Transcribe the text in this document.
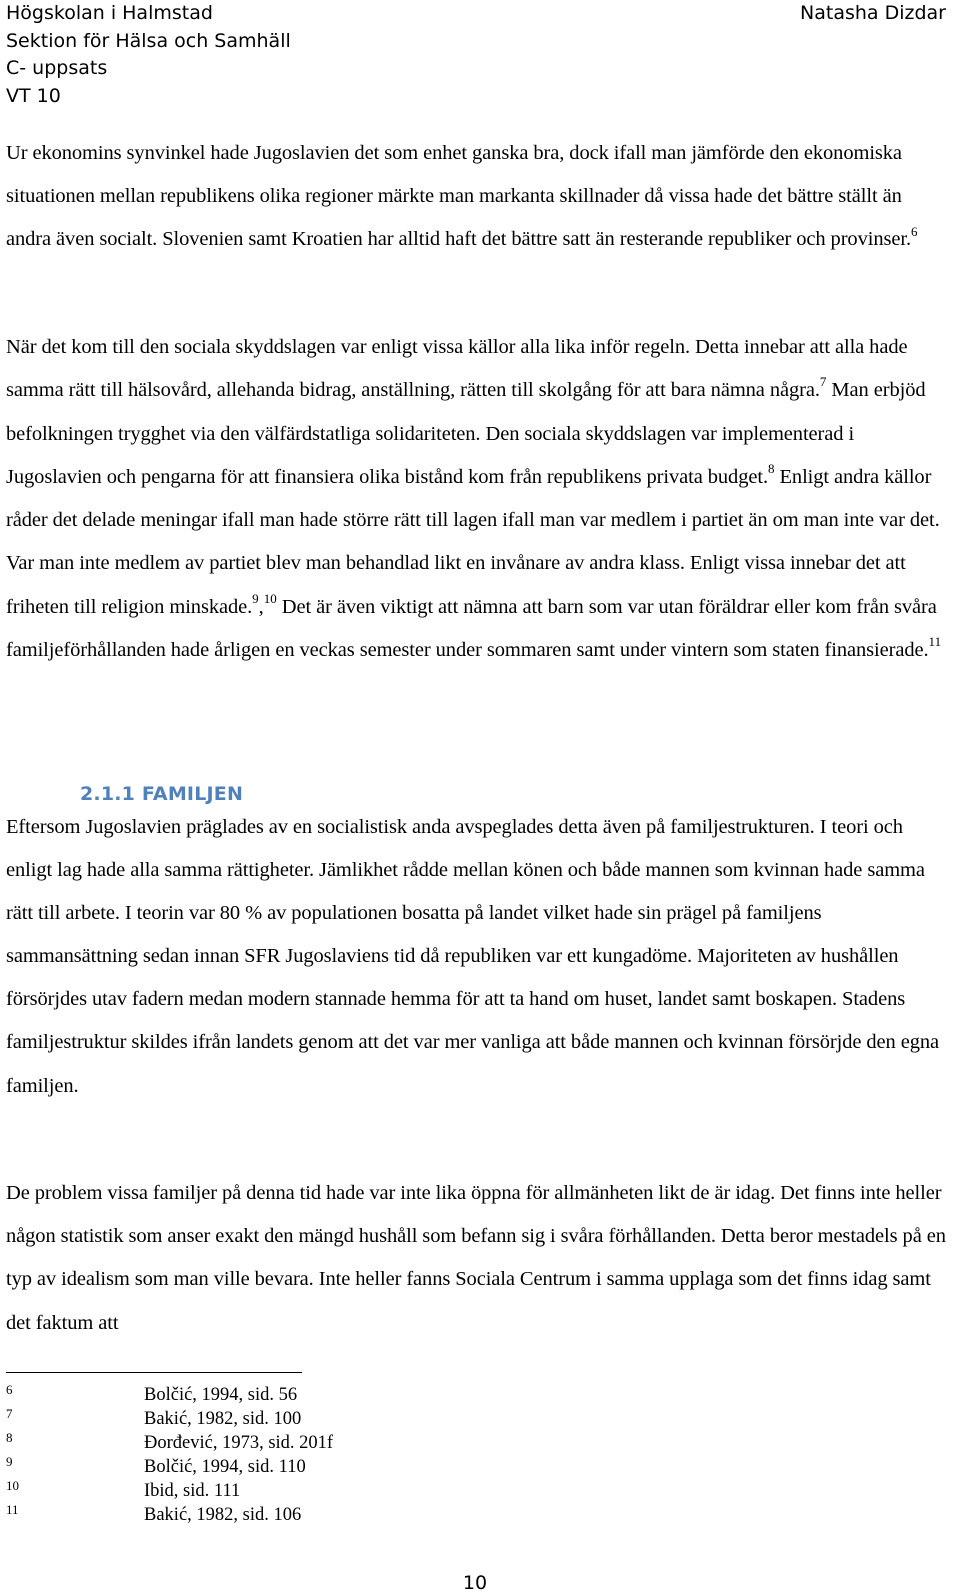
Högskolan i Halmstad
Sektion för Hälsa och Samhäll
C- uppsats
VT 10
Natasha Dizdar

Ur ekonomins synvinkel hade Jugoslavien det som enhet ganska bra, dock ifall man jämförde den ekonomiska situationen mellan republikens olika regioner märkte man markanta skillnader då vissa hade det bättre ställt än andra även socialt. Slovenien samt Kroatien har alltid haft det bättre satt än resterande republiker och provinser.$^6$

När det kom till den sociala skyddslagen var enligt vissa källor alla lika inför regeln. Detta innebar att alla hade samma rätt till hälsovård, allehanda bidrag, anställning, rätten till skolgång för att bara nämna några.$^7$ Man erbjöd befolkningen trygghet via den välfärdstatliga solidariteten. Den sociala skyddslagen var implementerad i Jugoslavien och pengarna för att finansiera olika bistånd kom från republikens privata budget.$^8$ Enligt andra källor råder det delade meningar ifall man hade större rätt till lagen ifall man var medlem i partiet än om man inte var det. Var man inte medlem av partiet blev man behandlad likt en invånare av andra klass. Enligt vissa innebar det att friheten till religion minskade.$^9$,$^{10}$ Det är även viktigt att nämna att barn som var utan föräldrar eller kom från svåra familjeförhållanden hade årligen en veckas semester under sommaren samt under vintern som staten finansierade.$^{11}$

2.1.1 FAMILJEN

Eftersom Jugoslavien präglades av en socialistisk anda avspeglades detta även på familjestrukturen. I teori och enligt lag hade alla samma rättigheter. Jämlikhet rådde mellan könen och både mannen som kvinnan hade samma rätt till arbete. I teorin var 80 % av populationen bosatta på landet vilket hade sin prägel på familjens sammansättning sedan innan SFR Jugoslaviens tid då republiken var ett kungadöme. Majoriteten av hushållen försörjdes utav fadern medan modern stannade hemma för att ta hand om huset, landet samt boskapen. Stadens familjestruktur skildes ifrån landets genom att det var mer vanliga att både mannen och kvinnan försörjde den egna familjen.

De problem vissa familjer på denna tid hade var inte lika öppna för allmänheten likt de är idag. Det finns inte heller någon statistik som anser exakt den mängd hushåll som befann sig i svåra förhållanden. Detta beror mestadels på en typ av idealism som man ville bevara. Inte heller fanns Sociala Centrum i samma upplaga som det finns idag samt det faktum att

6	Bolčić, 1994, sid. 56
7	Bakić, 1982, sid. 100
8	Đorđević, 1973, sid. 201f
9	Bolčić, 1994, sid. 110
10	Ibid, sid. 111
11	Bakić, 1982, sid. 106
10
